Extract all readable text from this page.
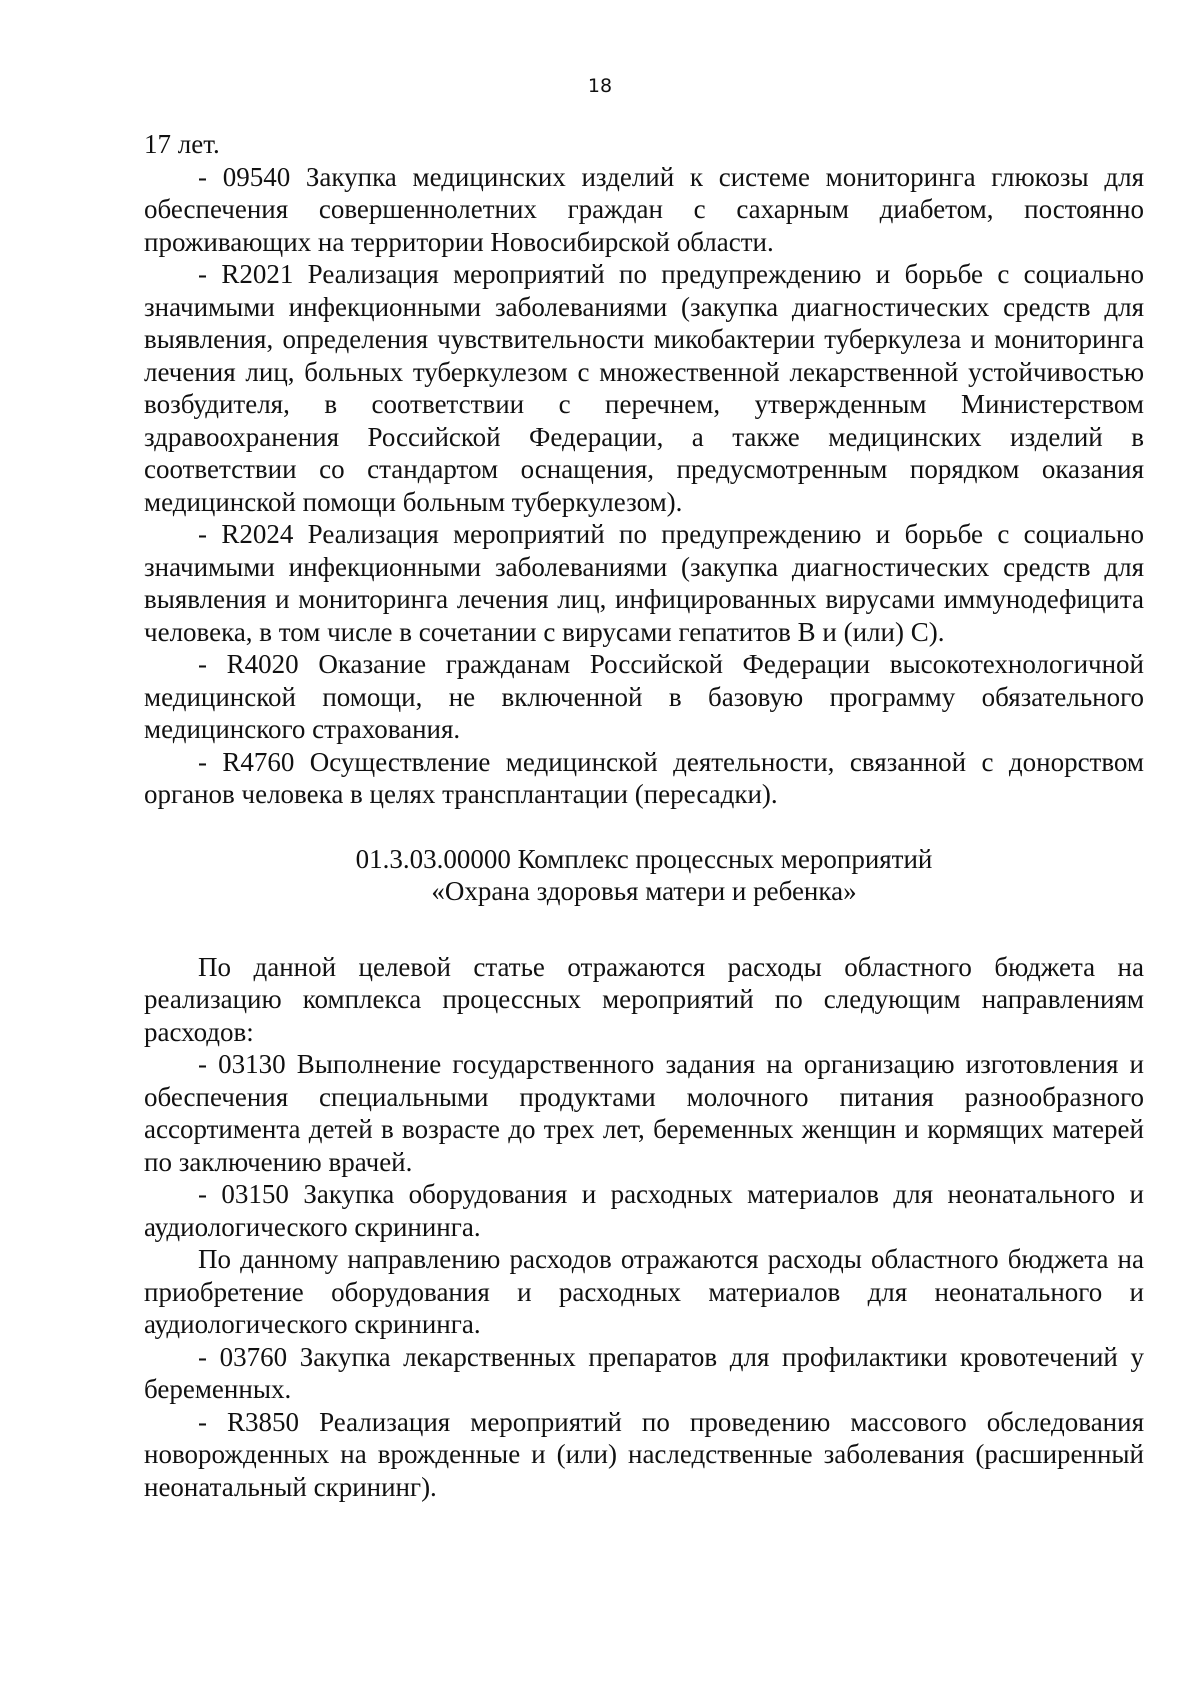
18

17 лет.

- 09540 Закупка медицинских изделий к системе мониторинга глюкозы для обеспечения совершеннолетних граждан с сахарным диабетом, постоянно проживающих на территории Новосибирской области.

- R2021 Реализация мероприятий по предупреждению и борьбе с социально значимыми инфекционными заболеваниями (закупка диагностических средств для выявления, определения чувствительности микобактерии туберкулеза и мониторинга лечения лиц, больных туберкулезом с множественной лекарственной устойчивостью возбудителя, в соответствии с перечнем, утвержденным Министерством здравоохранения Российской Федерации, а также медицинских изделий в соответствии со стандартом оснащения, предусмотренным порядком оказания медицинской помощи больным туберкулезом).

- R2024 Реализация мероприятий по предупреждению и борьбе с социально значимыми инфекционными заболеваниями (закупка диагностических средств для выявления и мониторинга лечения лиц, инфицированных вирусами иммунодефицита человека, в том числе в сочетании с вирусами гепатитов B и (или) C).

- R4020 Оказание гражданам Российской Федерации высокотехнологичной медицинской помощи, не включенной в базовую программу обязательного медицинского страхования.

- R4760 Осуществление медицинской деятельности, связанной с донорством органов человека в целях трансплантации (пересадки).

01.3.03.00000 Комплекс процессных мероприятий
«Охрана здоровья матери и ребенка»

По данной целевой статье отражаются расходы областного бюджета на реализацию комплекса процессных мероприятий по следующим направлениям расходов:

- 03130 Выполнение государственного задания на организацию изготовления и обеспечения специальными продуктами молочного питания разнообразного ассортимента детей в возрасте до трех лет, беременных женщин и кормящих матерей по заключению врачей.

- 03150 Закупка оборудования и расходных материалов для неонатального и аудиологического скрининга.

По данному направлению расходов отражаются расходы областного бюджета на приобретение оборудования и расходных материалов для неонатального и аудиологического скрининга.

- 03760 Закупка лекарственных препаратов для профилактики кровотечений у беременных.

- R3850 Реализация мероприятий по проведению массового обследования новорожденных на врожденные и (или) наследственные заболевания (расширенный неонатальный скрининг).
